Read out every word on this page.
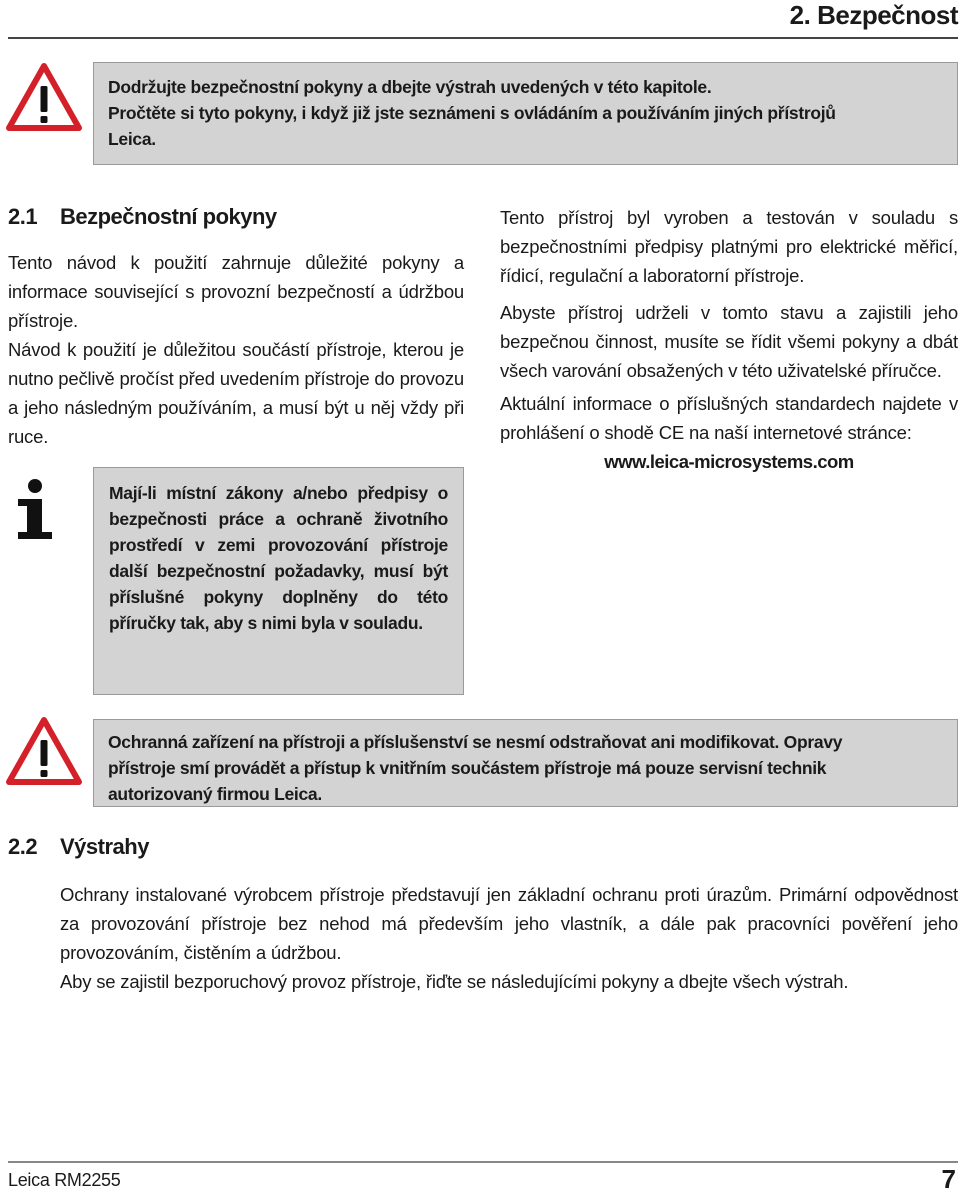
2. Bezpečnost

Dodržujte bezpečnostní pokyny a dbejte výstrah uvedených v této kapitole.

Pročtěte si tyto pokyny, i když již jste seznámeni s ovládáním a používáním jiných přístrojů

Leica.

2.1 Bezpečnostní pokyny

Tento návod k použití zahrnuje důležité pokyny a informace související s provozní bezpečností a údržbou přístroje.

Návod k použití je důležitou součástí přístroje, kterou je nutno pečlivě pročíst před uvedením přístroje do provozu a jeho následným používáním, a musí být u něj vždy při ruce.

Mají-li místní zákony a/nebo předpisy o bezpečnosti práce a ochraně životního prostředí v zemi provozování přístroje další bezpečnostní požadavky, musí být příslušné pokyny doplněny do této příručky tak, aby s nimi byla v souladu.

Tento přístroj byl vyroben a testován v souladu s bezpečnostními předpisy platnými pro elektrické měřicí, řídicí, regulační a laboratorní přístroje.

Abyste přístroj udrželi v tomto stavu a zajistili jeho bezpečnou činnost, musíte se řídit všemi pokyny a dbát všech varování obsažených v této uživatelské příručce.

Aktuální informace o příslušných standardech najdete v prohlášení o shodě CE na naší internetové stránce:

www.leica-microsystems.com

Ochranná zařízení na přístroji a příslušenství se nesmí odstraňovat ani modifikovat. Opravy

přístroje smí provádět a přístup k vnitřním součástem přístroje má pouze servisní technik

autorizovaný firmou Leica.

2.2 Výstrahy

Ochrany instalované výrobcem přístroje představují jen základní ochranu proti úrazům. Primární odpovědnost za provozování přístroje bez nehod má především jeho vlastník, a dále pak pracovníci pověření jeho provozováním, čistěním a údržbou.

Aby se zajistil bezporuchový provoz přístroje, řiďte se následujícími pokyny a dbejte všech výstrah.

Leica RM2255	7
